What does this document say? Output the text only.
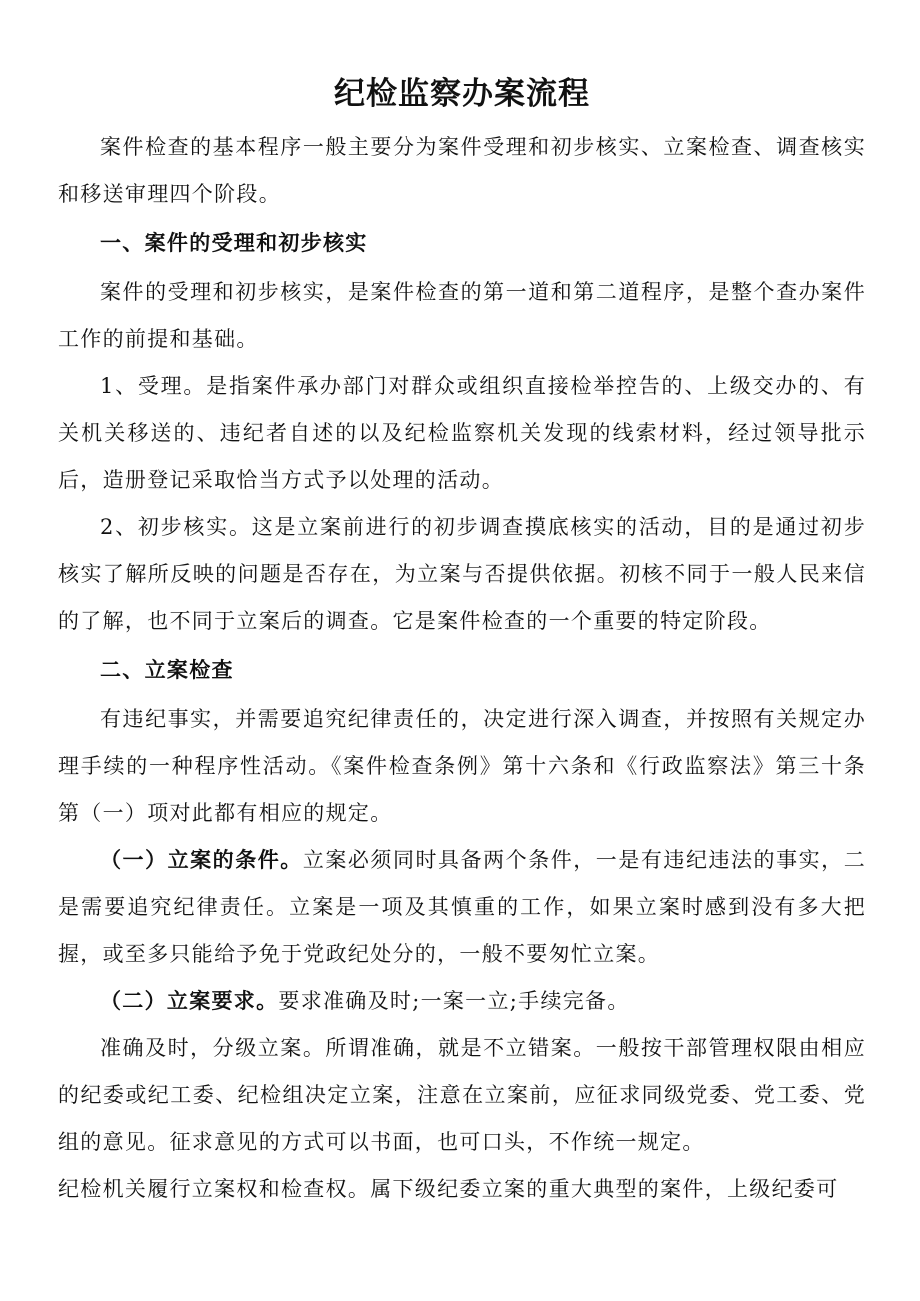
纪检监察办案流程

案件检查的基本程序一般主要分为案件受理和初步核实、立案检查、调查核实和移送审理四个阶段。

一、案件的受理和初步核实

案件的受理和初步核实，是案件检查的第一道和第二道程序，是整个查办案件工作的前提和基础。

1、受理。是指案件承办部门对群众或组织直接检举控告的、上级交办的、有关机关移送的、违纪者自述的以及纪检监察机关发现的线索材料，经过领导批示后，造册登记采取恰当方式予以处理的活动。

2、初步核实。这是立案前进行的初步调查摸底核实的活动，目的是通过初步核实了解所反映的问题是否存在，为立案与否提供依据。初核不同于一般人民来信的了解，也不同于立案后的调查。它是案件检查的一个重要的特定阶段。

二、立案检查

有违纪事实，并需要追究纪律责任的，决定进行深入调查，并按照有关规定办理手续的一种程序性活动。《案件检查条例》第十六条和《行政监察法》第三十条第（一）项对此都有相应的规定。

（一）立案的条件。立案必须同时具备两个条件，一是有违纪违法的事实，二是需要追究纪律责任。立案是一项及其慎重的工作，如果立案时感到没有多大把握，或至多只能给予免于党政纪处分的，一般不要匆忙立案。

（二）立案要求。要求准确及时;一案一立;手续完备。

准确及时，分级立案。所谓准确，就是不立错案。一般按干部管理权限由相应的纪委或纪工委、纪检组决定立案，注意在立案前，应征求同级党委、党工委、党组的意见。征求意见的方式可以书面，也可口头，不作统一规定。

纪检机关履行立案权和检查权。属下级纪委立案的重大典型的案件，上级纪委可
